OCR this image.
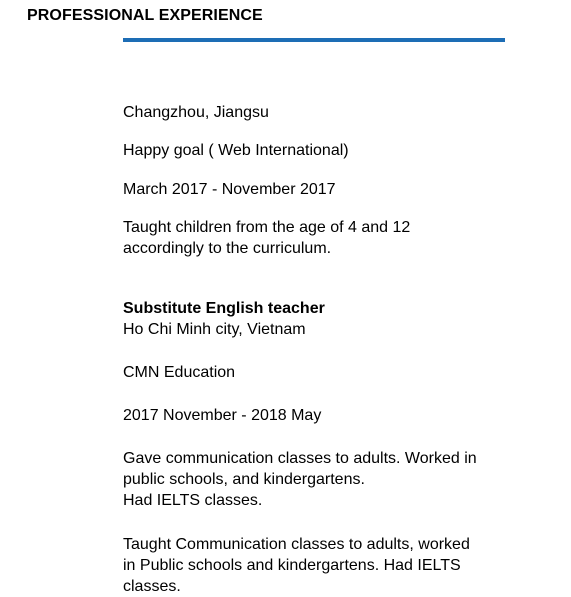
PROFESSIONAL EXPERIENCE
Changzhou, Jiangsu
Happy goal ( Web International)
March 2017 - November 2017
Taught children from the age of 4 and 12
accordingly to the curriculum.
Substitute English teacher
Ho Chi Minh city, Vietnam
CMN Education
2017 November - 2018 May
Gave communication classes to adults. Worked in
public schools, and kindergartens.
Had IELTS classes.
Taught Communication classes to adults, worked
in Public schools and kindergartens. Had IELTS
classes.
